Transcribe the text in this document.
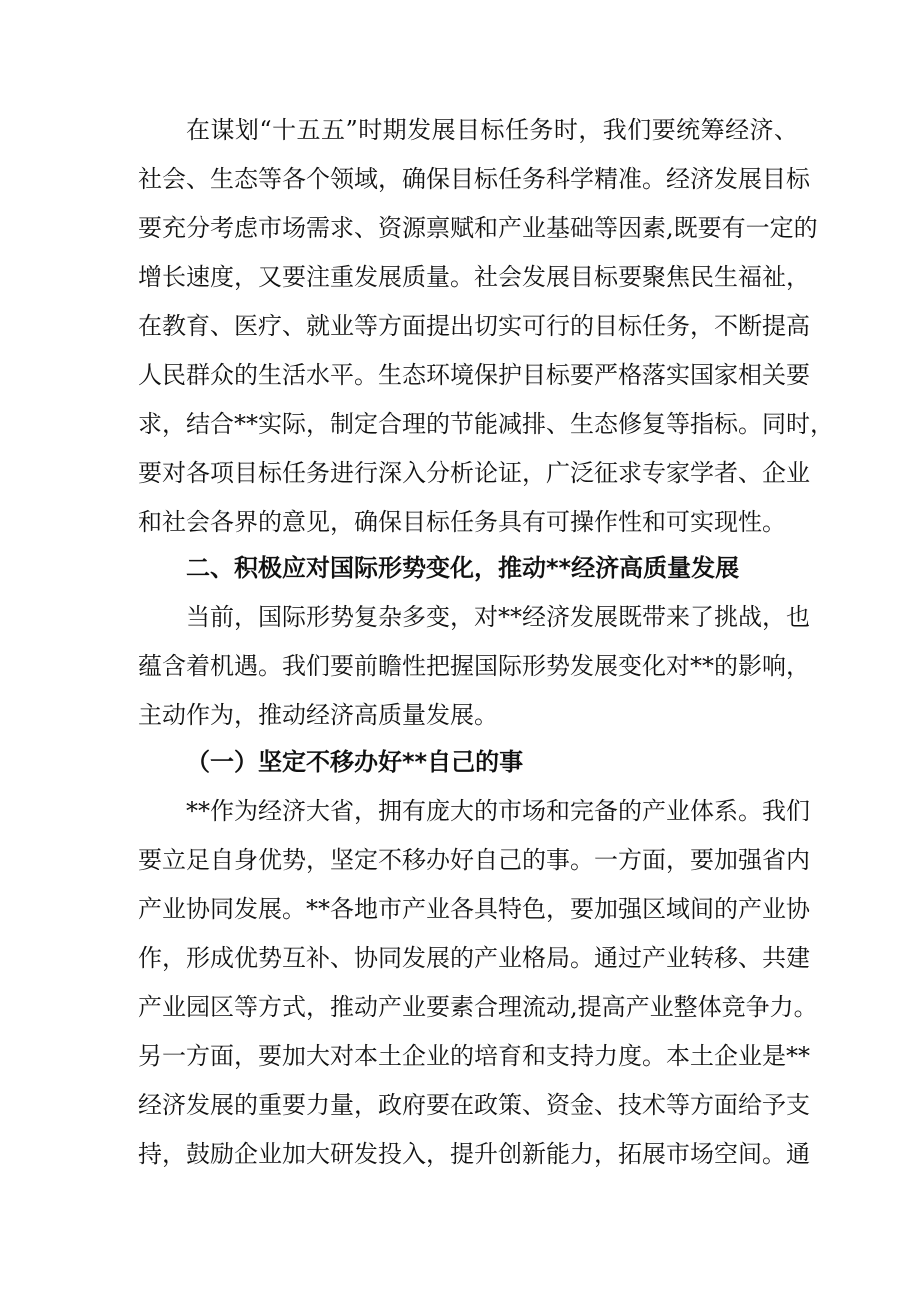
在谋划“十五五”时期发展目标任务时，我们要统筹经济、
社会、生态等各个领域，确保目标任务科学精准。经济发展目标
要充分考虑市场需求、资源禀赋和产业基础等因素,既要有一定的
增长速度，又要注重发展质量。社会发展目标要聚焦民生福祉，
在教育、医疗、就业等方面提出切实可行的目标任务，不断提高
人民群众的生活水平。生态环境保护目标要严格落实国家相关要
求，结合**实际，制定合理的节能减排、生态修复等指标。同时，
要对各项目标任务进行深入分析论证，广泛征求专家学者、企业
和社会各界的意见，确保目标任务具有可操作性和可实现性。
二、积极应对国际形势变化，推动**经济高质量发展
当前，国际形势复杂多变，对**经济发展既带来了挑战，也
蕴含着机遇。我们要前瞻性把握国际形势发展变化对**的影响，
主动作为，推动经济高质量发展。
（一）坚定不移办好**自己的事
**作为经济大省，拥有庞大的市场和完备的产业体系。我们
要立足自身优势，坚定不移办好自己的事。一方面，要加强省内
产业协同发展。**各地市产业各具特色，要加强区域间的产业协
作，形成优势互补、协同发展的产业格局。通过产业转移、共建
产业园区等方式，推动产业要素合理流动,提高产业整体竞争力。
另一方面，要加大对本土企业的培育和支持力度。本土企业是**
经济发展的重要力量，政府要在政策、资金、技术等方面给予支
持，鼓励企业加大研发投入，提升创新能力，拓展市场空间。通
